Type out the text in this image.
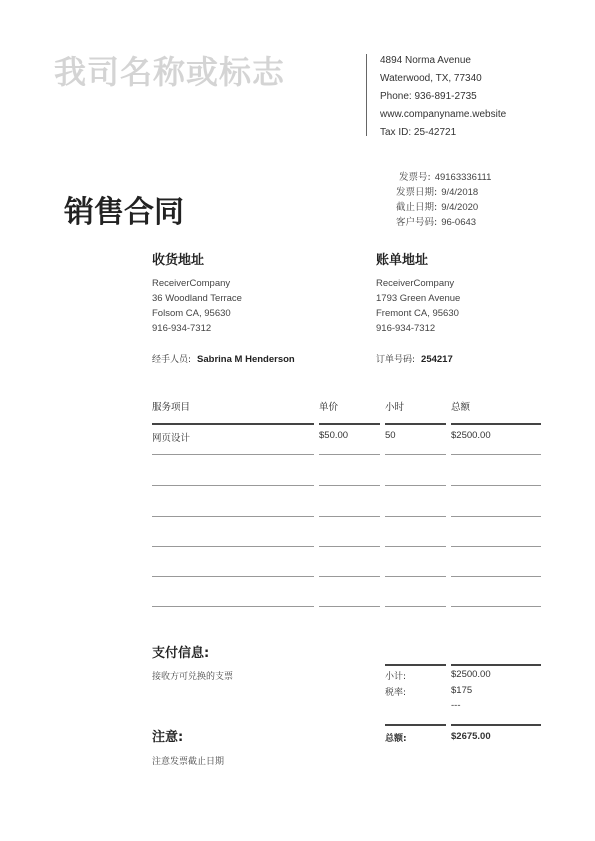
我司名称或标志	4894 Norma Avenue
Waterwood, TX, 77340
Phone: 936-891-2735
www.companyname.website
Tax ID: 25-42721
发票号: 49163336111
发票日期: 9/4/2018
截止日期: 9/4/2020
客户号码: 96-0643
销售合同
收货地址
ReceiverCompany
36 Woodland Terrace
Folsom CA, 95630
916-934-7312
账单地址
ReceiverCompany
1793 Green Avenue
Fremont CA, 95630
916-934-7312
经手人员: Sabrina M Henderson	订单号码: 254217
服务项目	单价	小时	总额
网页设计	$50.00	50	$2500.00
支付信息:
接收方可兑换的支票
注意:
注意发票截止日期
小计:	$2500.00
税率:	$175
---
总额:	$2675.00
